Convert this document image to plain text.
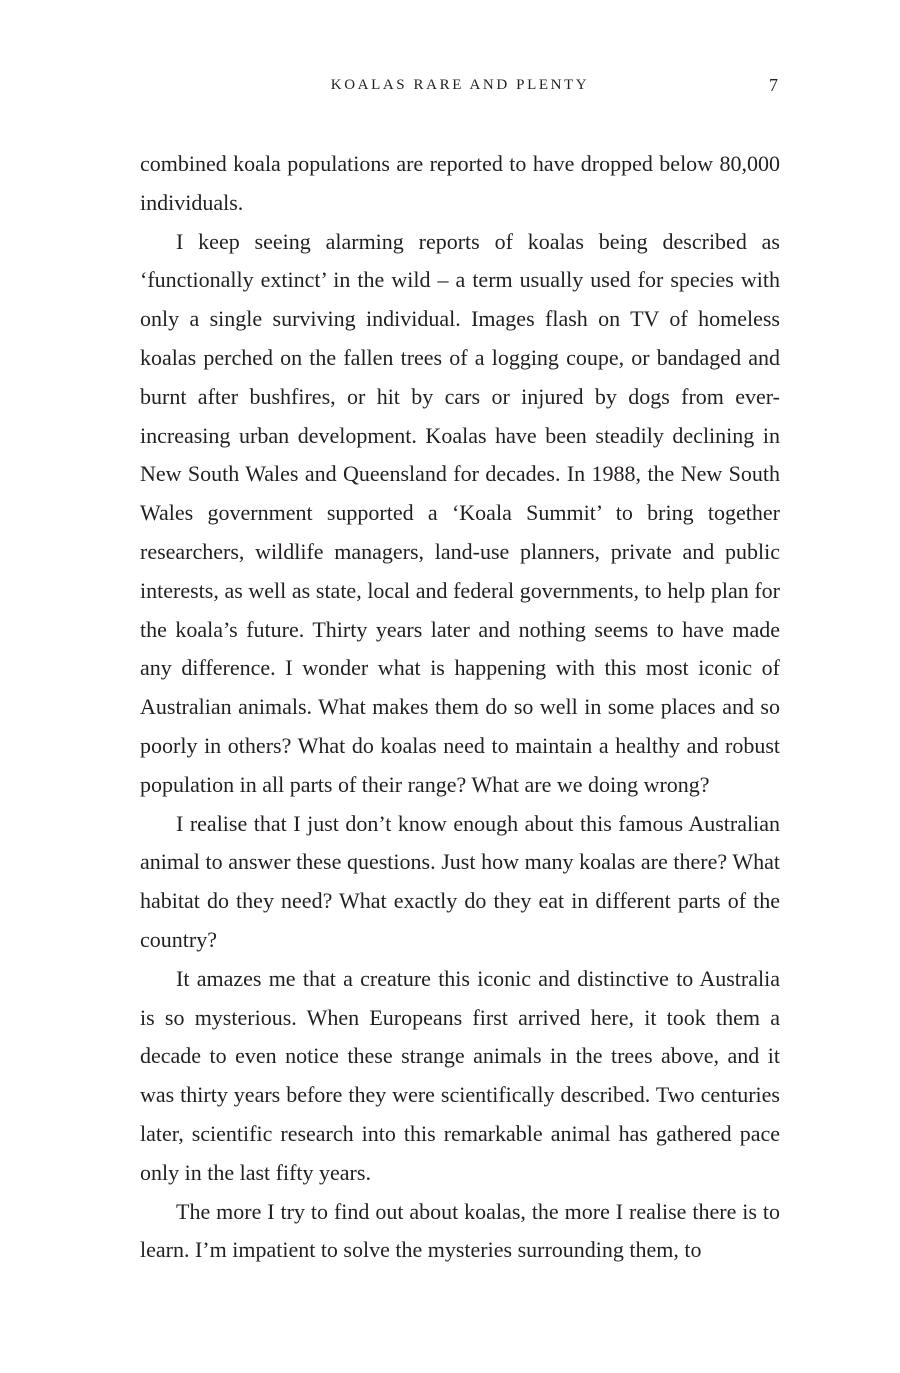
KOALAS RARE AND PLENTY	7

combined koala populations are reported to have dropped below 80,000 individuals.

I keep seeing alarming reports of koalas being described as ‘functionally extinct’ in the wild – a term usually used for species with only a single surviving individual. Images flash on TV of homeless koalas perched on the fallen trees of a logging coupe, or bandaged and burnt after bushfires, or hit by cars or injured by dogs from ever-increasing urban development. Koalas have been steadily declining in New South Wales and Queensland for decades. In 1988, the New South Wales government supported a ‘Koala Summit’ to bring together researchers, wildlife managers, land-use planners, private and public interests, as well as state, local and federal governments, to help plan for the koala’s future. Thirty years later and nothing seems to have made any difference. I wonder what is happening with this most iconic of Australian animals. What makes them do so well in some places and so poorly in others? What do koalas need to maintain a healthy and robust population in all parts of their range? What are we doing wrong?

I realise that I just don’t know enough about this famous Australian animal to answer these questions. Just how many koalas are there? What habitat do they need? What exactly do they eat in different parts of the country?

It amazes me that a creature this iconic and distinctive to Australia is so mysterious. When Europeans first arrived here, it took them a decade to even notice these strange animals in the trees above, and it was thirty years before they were scientifically described. Two centuries later, scientific research into this remarkable animal has gathered pace only in the last fifty years.

The more I try to find out about koalas, the more I realise there is to learn. I’m impatient to solve the mysteries surrounding them, to
